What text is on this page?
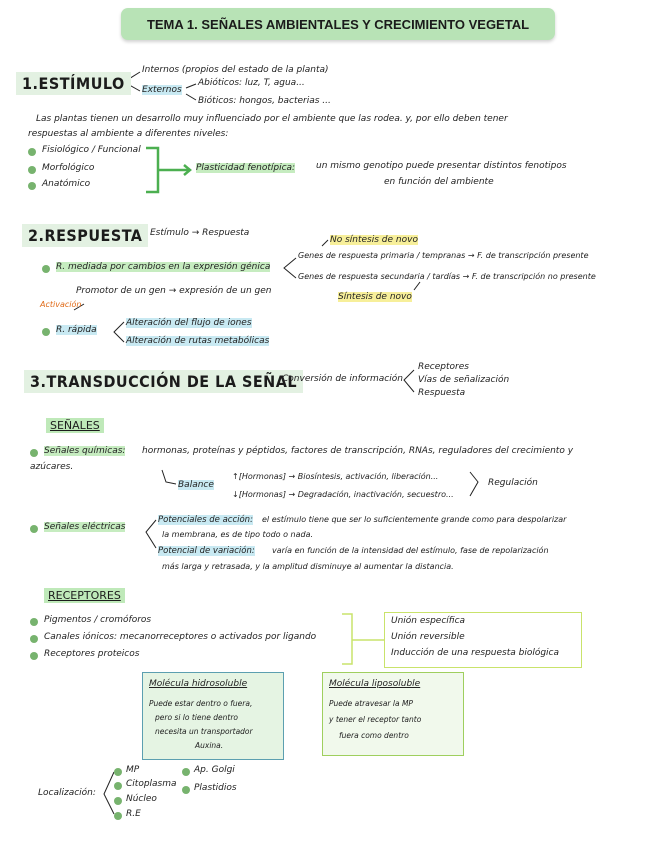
TEMA 1. SEÑALES AMBIENTALES Y CRECIMIENTO VEGETAL
1.ESTÍMULO
Internos (propios del estado de la planta)
Externos
Abióticos: luz, T, agua...
Bióticos: hongos, bacterias ...
Las plantas tienen un desarrollo muy influenciado por el ambiente que las rodea. y, por ello deben tener
respuestas al ambiente a diferentes niveles:
Fisiológico / Funcional
Morfológico
Anatómico
Plasticidad fenotípica: un mismo genotipo puede presentar distintos fenotipos
en función del ambiente
2.RESPUESTA Estímulo → Respuesta
No síntesis de novo
R. mediada por cambios en la expresión génica
Genes de respuesta primaria / tempranas → F. de transcripción presente
Genes de respuesta secundaria / tardías → F. de transcripción no presente
Síntesis de novo
Promotor de un gen → expresión de un gen
Activación
R. rápida
Alteración del flujo de iones
Alteración de rutas metabólicas
3.TRANSDUCCIÓN DE LA SEÑAL
Conversión de información
Receptores
Vías de señalización
Respuesta
SEÑALES
Señales químicas: hormonas, proteínas y péptidos, factores de transcripción, RNAs, reguladores del crecimiento y
azúcares.
Balance
↑[Hormonas] → Biosíntesis, activación, liberación...
↓[Hormonas] → Degradación, inactivación, secuestro...
Regulación
Señales eléctricas
Potenciales de acción: el estímulo tiene que ser lo suficientemente grande como para despolarizar
la membrana, es de tipo todo o nada.
Potencial de variación: varía en función de la intensidad del estímulo, fase de repolarización
más larga y retrasada, y la amplitud disminuye al aumentar la distancia.
RECEPTORES
Pigmentos / cromóforos
Canales iónicos: mecanorreceptores o activados por ligando
Receptores proteicos
Unión específica
Unión reversible
Inducción de una respuesta biológica
Molécula hidrosoluble
Puede estar dentro o fuera,
pero si lo tiene dentro
necesita un transportador
Auxina.
Molécula liposoluble
Puede atravesar la MP
y tener el receptor tanto
fuera como dentro
Localización:
MP
Citoplasma
Núcleo
R.E
Ap. Golgi
Plastidios
